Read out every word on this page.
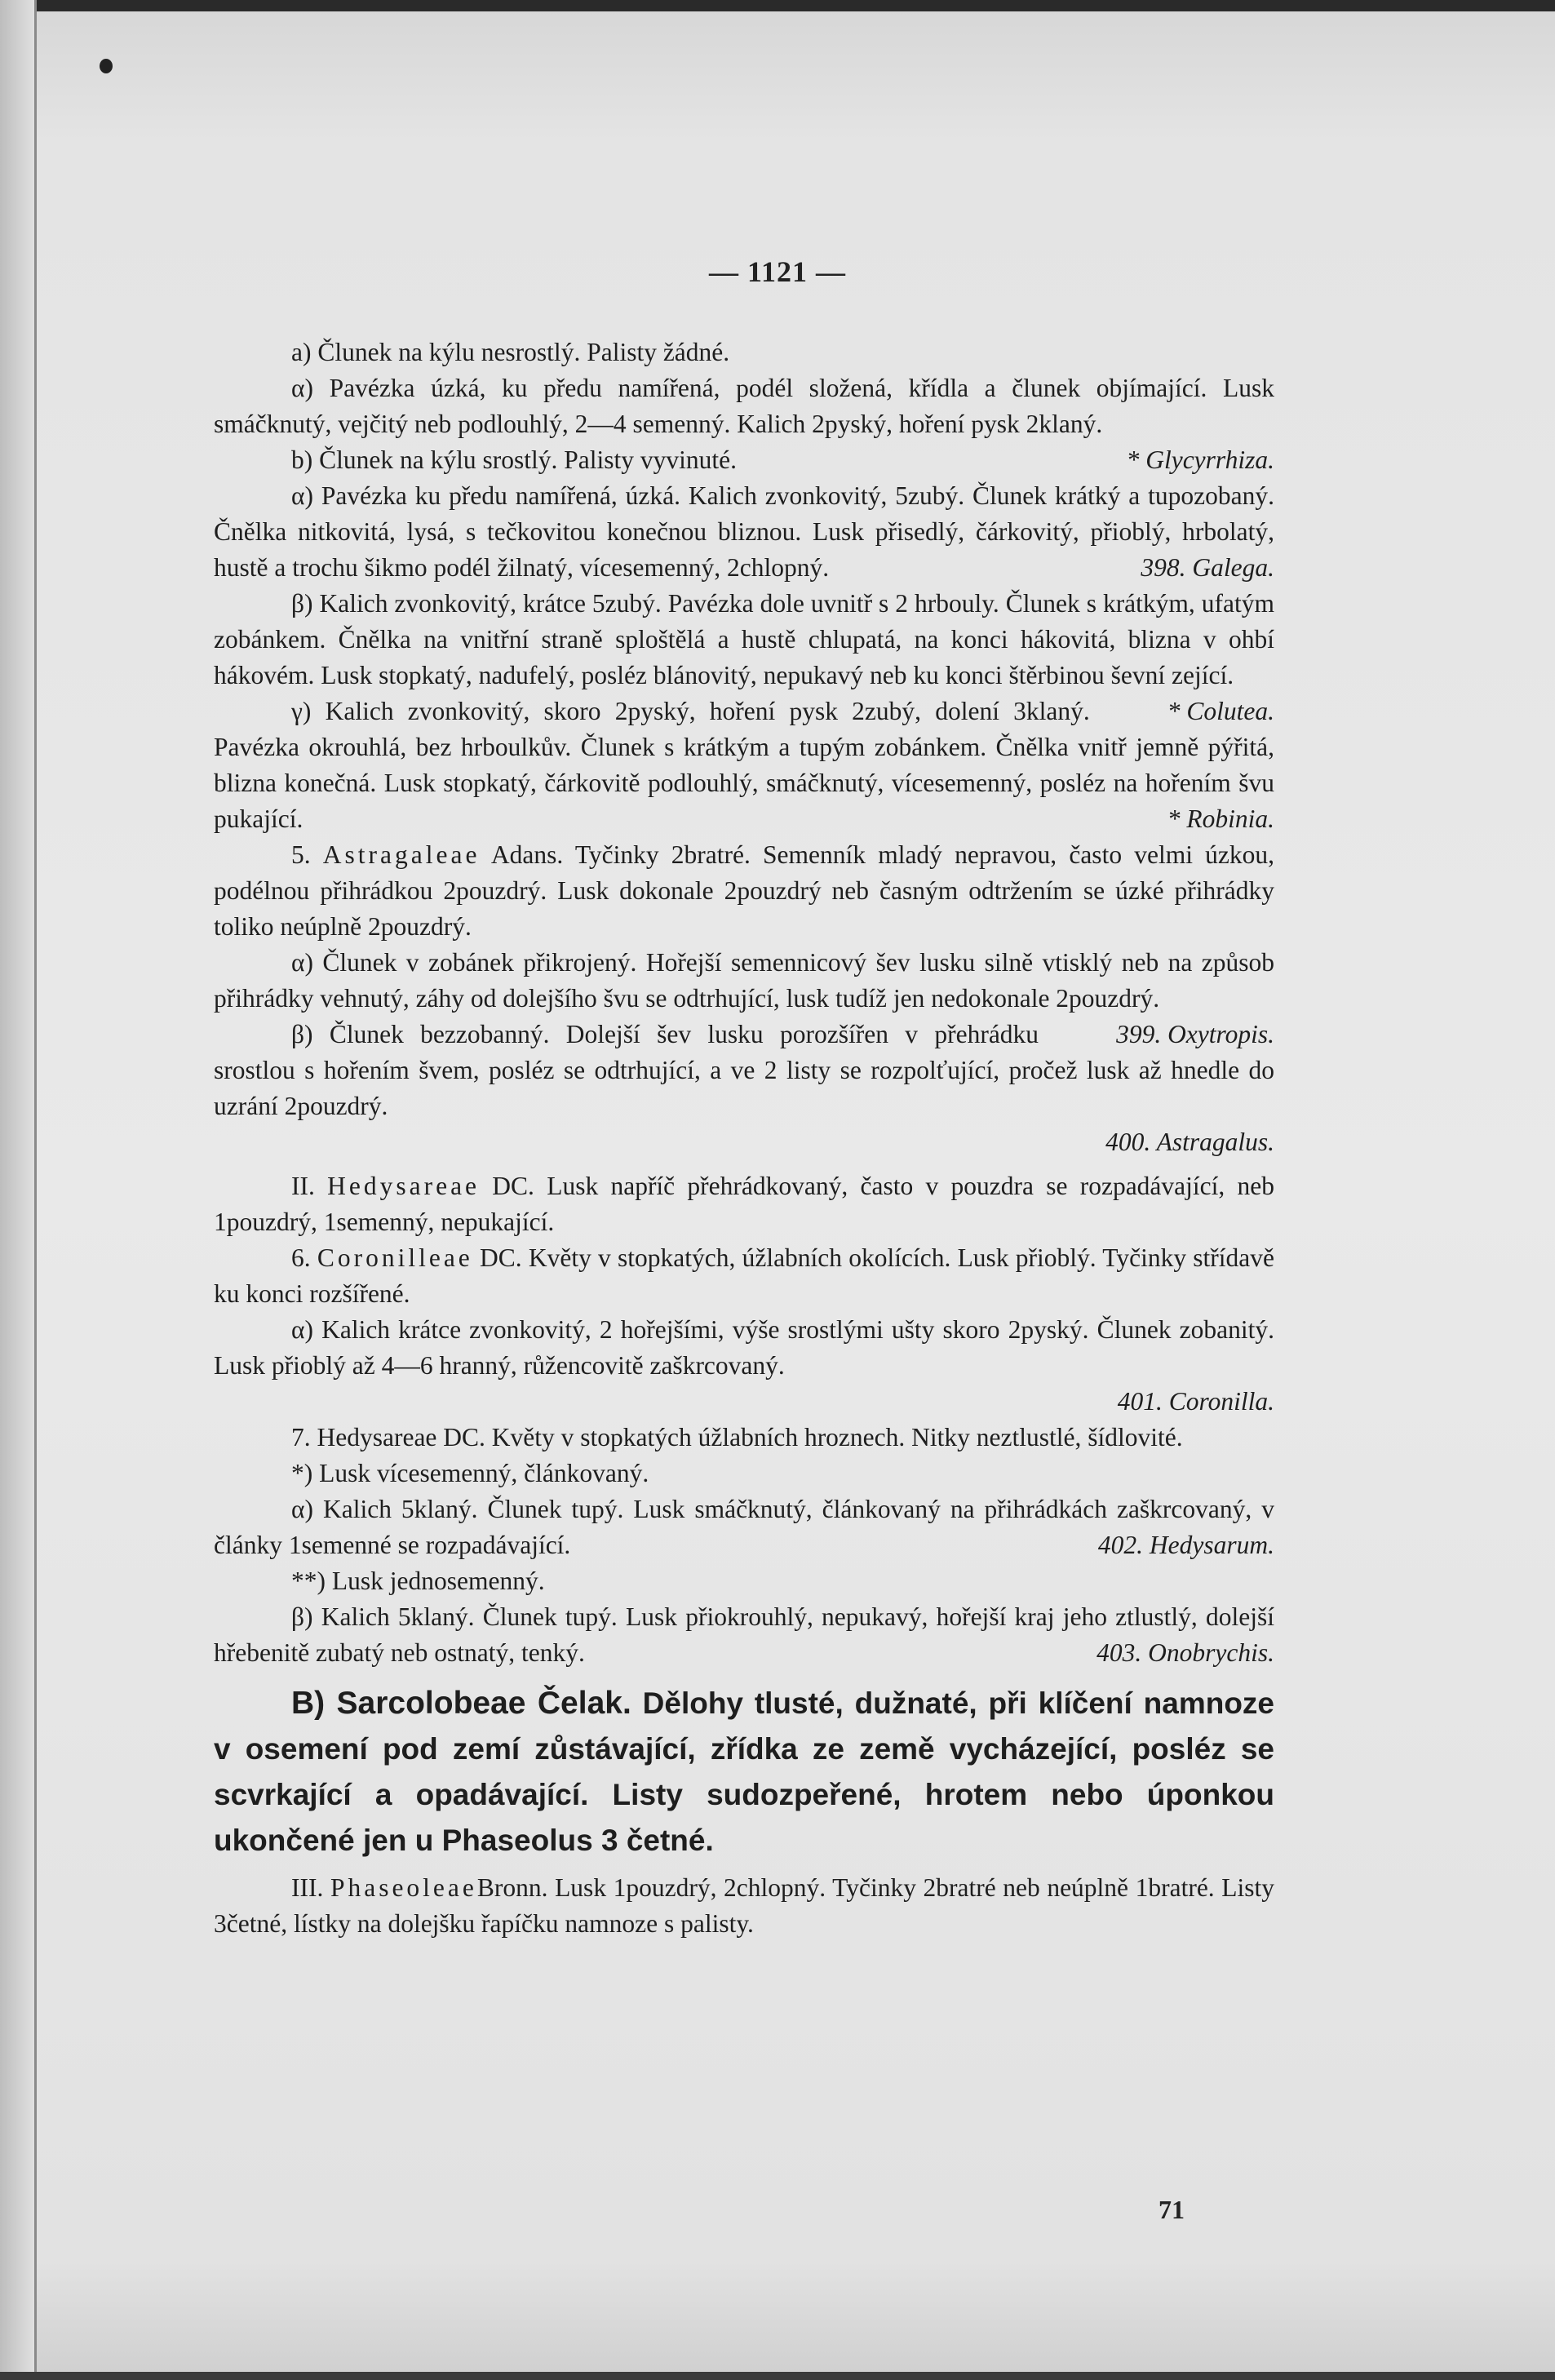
— 1121 —

a) Člunek na kýlu nesrostlý. Palisty žádné.

α) Pavézka úzká, ku předu namířená, podél složená, křídla a člunek objímající. Lusk smáčknutý, vejčitý neb podlouhlý, 2—4 semenný. Kalich 2pyský, hoření pysk 2klaný.
* Glycyrrhiza.

b) Člunek na kýlu srostlý. Palisty vyvinuté.

α) Pavézka ku předu namířená, úzká. Kalich zvonkovitý, 5zubý. Člunek krátký a tupozobaný. Čnělka nitkovitá, lysá, s tečkovitou konečnou bliznou. Lusk přisedlý, čárkovitý, přioblý, hrbolatý, hustě a trochu šikmo podél žilnatý, vícesemenný, 2chlopný.	398. Galega.

β) Kalich zvonkovitý, krátce 5zubý. Pavézka dole uvnitř s 2 hrbouly. Člunek s krátkým, ufatým zobánkem. Čnělka na vnitřní straně sploštělá a hustě chlupatá, na konci hákovitá, blizna v ohbí hákovém. Lusk stopkatý, nadufelý, posléz blánovitý, nepukavý neb ku konci štěrbinou ševní zející.
* Colutea.

γ) Kalich zvonkovitý, skoro 2pyský, hoření pysk 2zubý, dolení 3klaný. Pavézka okrouhlá, bez hrboulkův. Člunek s krátkým a tupým zobánkem. Čnělka vnitř jemně pýřitá, blizna konečná. Lusk stopkatý, čárkovitě podlouhlý, smáčknutý, vícesemenný, posléz na hořením švu pukající.	* Robinia.

5. Astragaleae Adans. Tyčinky 2bratré. Semenník mladý nepravou, často velmi úzkou, podélnou přihrádkou 2pouzdrý. Lusk dokonale 2pouzdrý neb časným odtržením se úzké přihrádky toliko neúplně 2pouzdrý.

α) Člunek v zobánek přikrojený. Hořejší semennicový šev lusku silně vtisklý neb na způsob přihrádky vehnutý, záhy od dolejšího švu se odtrhující, lusk tudíž jen nedokonale 2pouzdrý.
399. Oxytropis.

β) Člunek bezzobanný. Dolejší šev lusku porozšířen v přehrádku srostlou s hořením švem, posléz se odtrhující, a ve 2 listy se rozpolťující, pročež lusk až hnedle do uzrání 2pouzdrý.

400. Astragalus.

II. Hedysareae DC. Lusk napříč přehrádkovaný, často v pouzdra se rozpadávající, neb 1pouzdrý, 1semenný, nepukající.

6. Coronilleae DC. Květy v stopkatých, úžlabních okolících. Lusk přioblý. Tyčinky střídavě ku konci rozšířené.

α) Kalich krátce zvonkovitý, 2 hořejšími, výše srostlými ušty skoro 2pyský. Člunek zobanitý. Lusk přioblý až 4—6 hranný, růžencovitě zaškrcovaný.

401. Coronilla.

7. Hedysareae DC. Květy v stopkatých úžlabních hroznech. Nitky neztlustlé, šídlovité.

*) Lusk vícesemenný, článkovaný.

α) Kalich 5klaný. Člunek tupý. Lusk smáčknutý, článkovaný na přihrádkách zaškrcovaný, v články 1semenné se rozpadávající.	402. Hedysarum.

**) Lusk jednosemenný.

β) Kalich 5klaný. Člunek tupý. Lusk přiokrouhlý, nepukavý, hořejší kraj jeho ztlustlý, dolejší hřebenitě zubatý neb ostnatý, tenký.	403. Onobrychis.

B) Sarcolobeae Čelak. Dělohy tlusté, dužnaté, při klíčení namnoze v osemení pod zemí zůstávající, zřídka ze země vycházející, posléz se scvrkající a opadávající. Listy sudozpeřené, hrotem nebo úponkou ukončené jen u Phaseolus 3 četné.

III. PhaseoleaeBronn. Lusk 1pouzdrý, 2chlopný. Tyčinky 2bratré neb neúplně 1bratré. Listy 3četné, lístky na dolejšku řapíčku namnoze s palisty.

71
